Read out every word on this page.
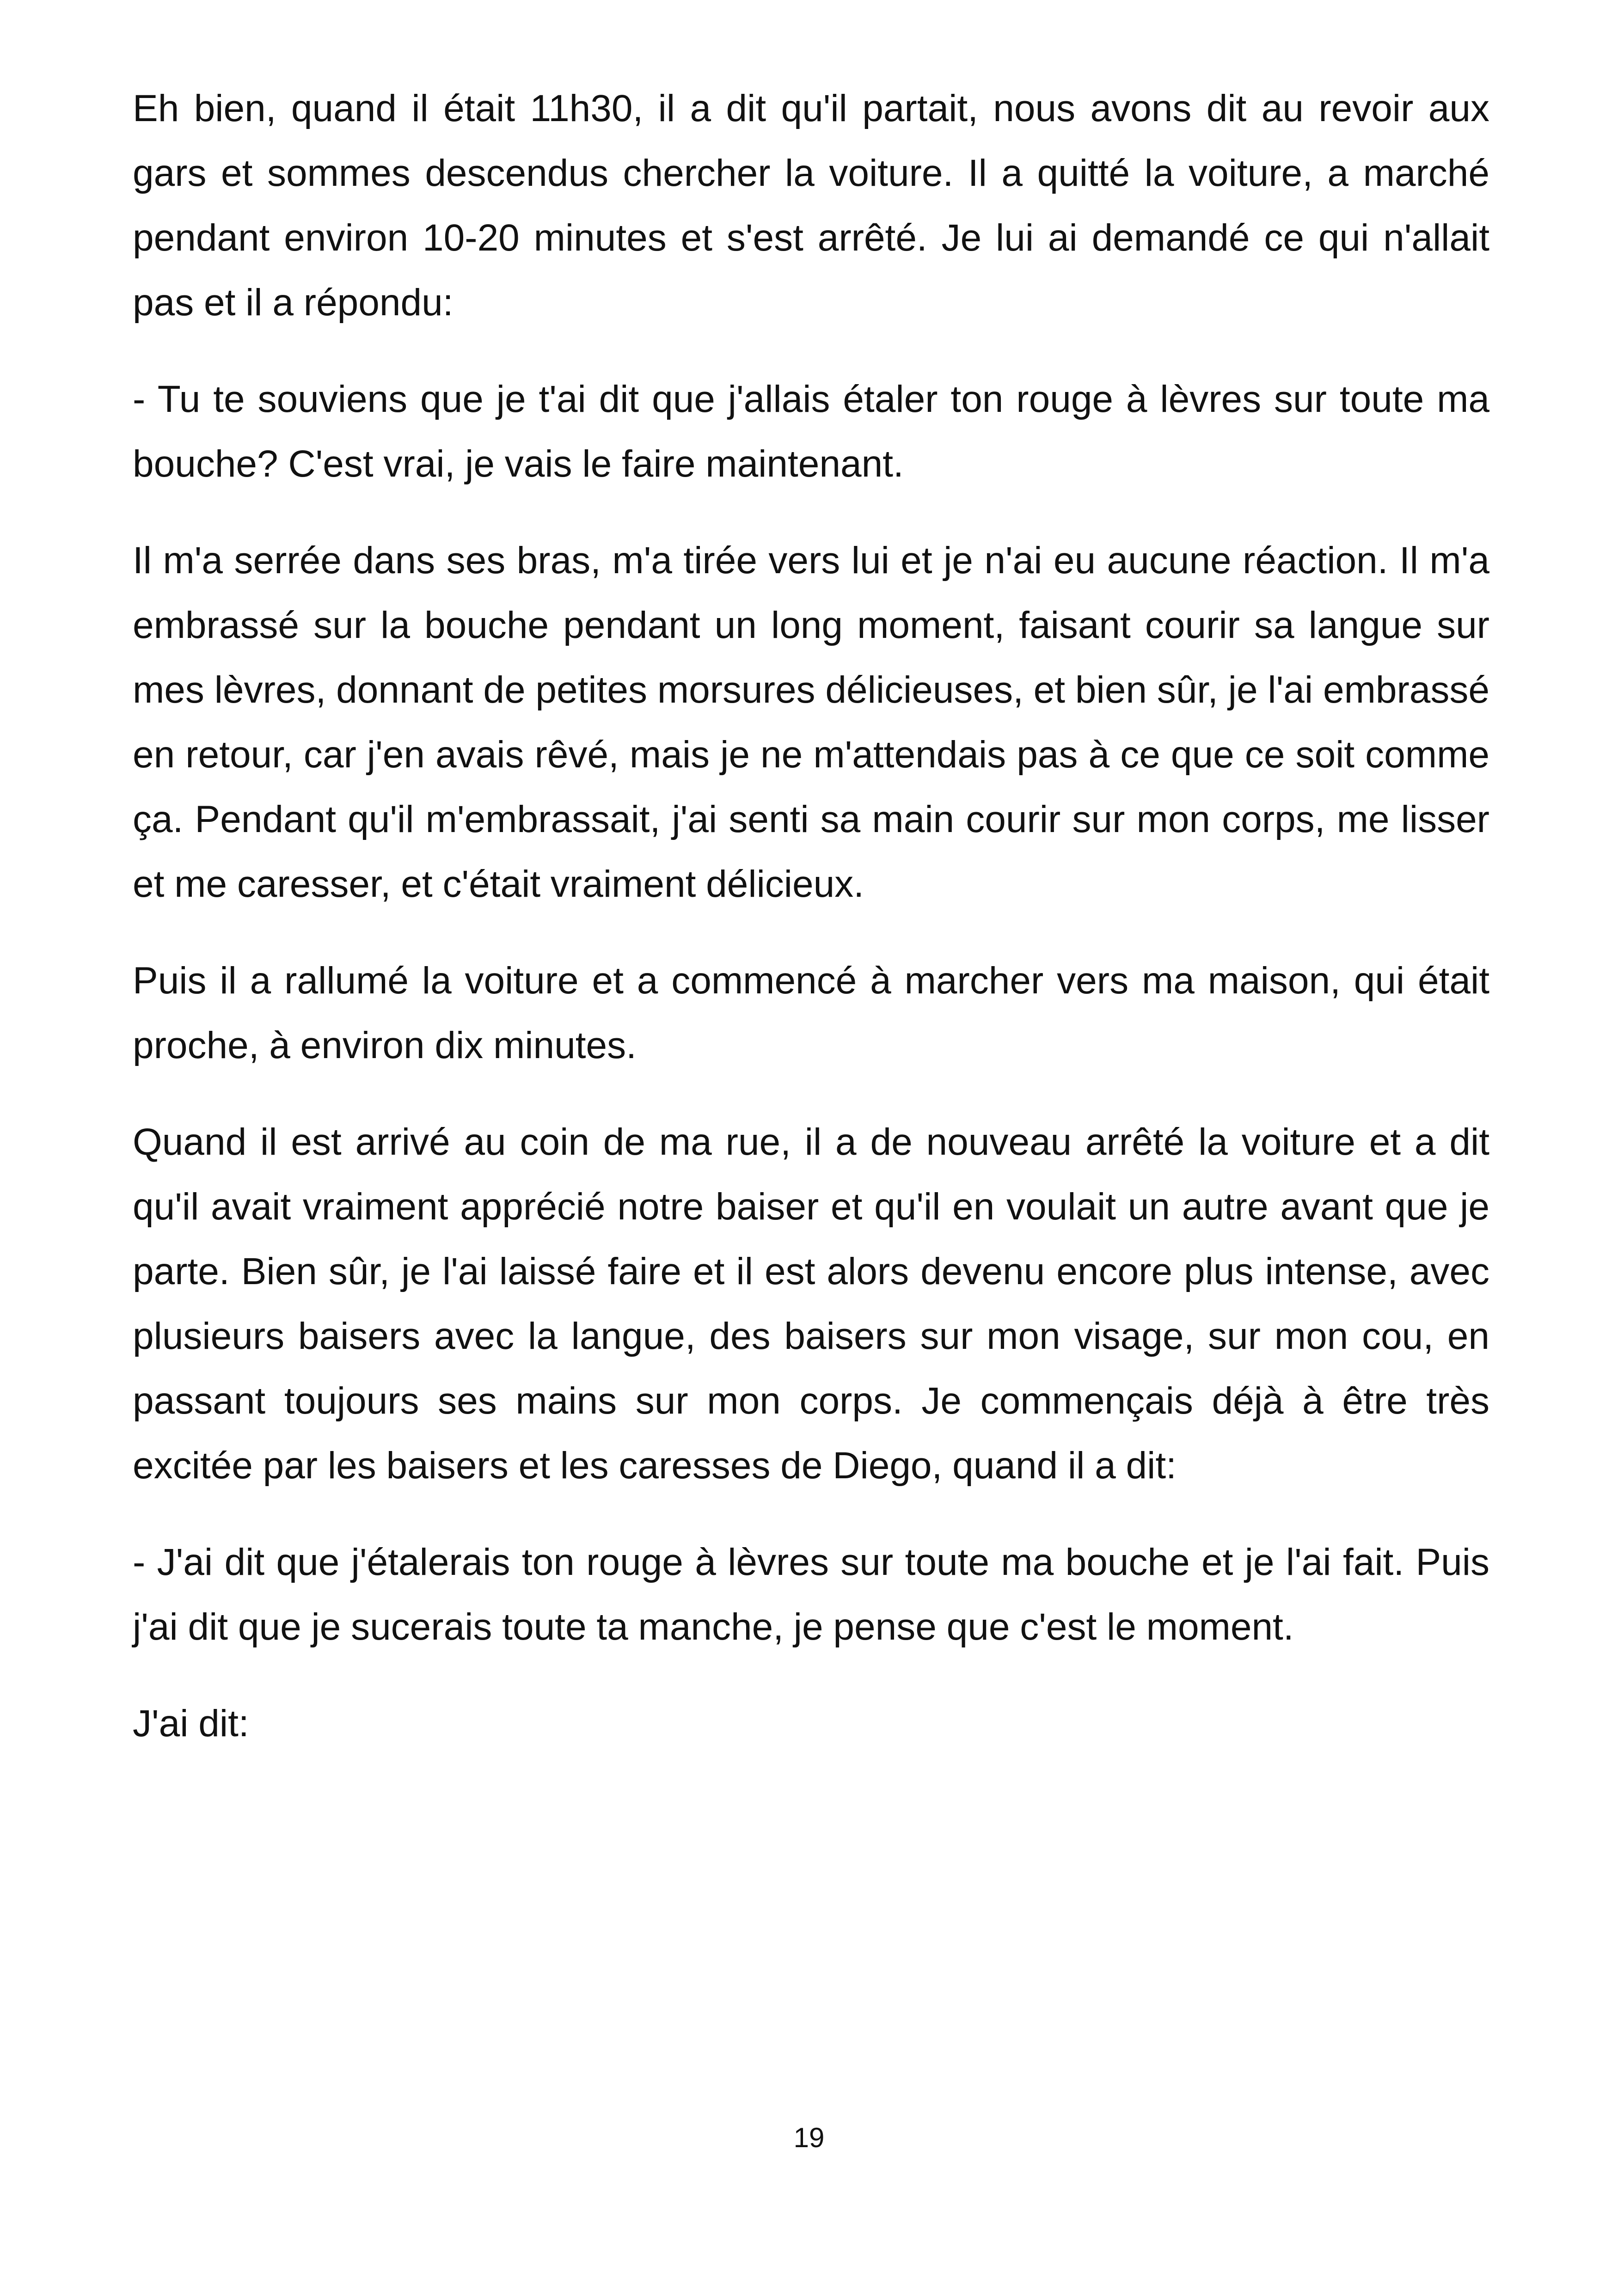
Eh bien, quand il était 11h30, il a dit qu'il partait, nous avons dit au revoir aux gars et sommes descendus chercher la voiture. Il a quitté la voiture, a marché pendant environ 10-20 minutes et s'est arrêté. Je lui ai demandé ce qui n'allait pas et il a répondu:

- Tu te souviens que je t'ai dit que j'allais étaler ton rouge à lèvres sur toute ma bouche? C'est vrai, je vais le faire maintenant.

Il m'a serrée dans ses bras, m'a tirée vers lui et je n'ai eu aucune réaction. Il m'a embrassé sur la bouche pendant un long moment, faisant courir sa langue sur mes lèvres, donnant de petites morsures délicieuses, et bien sûr, je l'ai embrassé en retour, car j'en avais rêvé, mais je ne m'attendais pas à ce que ce soit comme ça. Pendant qu'il m'embrassait, j'ai senti sa main courir sur mon corps, me lisser et me caresser, et c'était vraiment délicieux.

Puis il a rallumé la voiture et a commencé à marcher vers ma maison, qui était proche, à environ dix minutes.

Quand il est arrivé au coin de ma rue, il a de nouveau arrêté la voiture et a dit qu'il avait vraiment apprécié notre baiser et qu'il en voulait un autre avant que je parte. Bien sûr, je l'ai laissé faire et il est alors devenu encore plus intense, avec plusieurs baisers avec la langue, des baisers sur mon visage, sur mon cou, en passant toujours ses mains sur mon corps. Je commençais déjà à être très excitée par les baisers et les caresses de Diego, quand il a dit:

- J'ai dit que j'étalerais ton rouge à lèvres sur toute ma bouche et je l'ai fait. Puis j'ai dit que je sucerais toute ta manche, je pense que c'est le moment.

J'ai dit:

19
